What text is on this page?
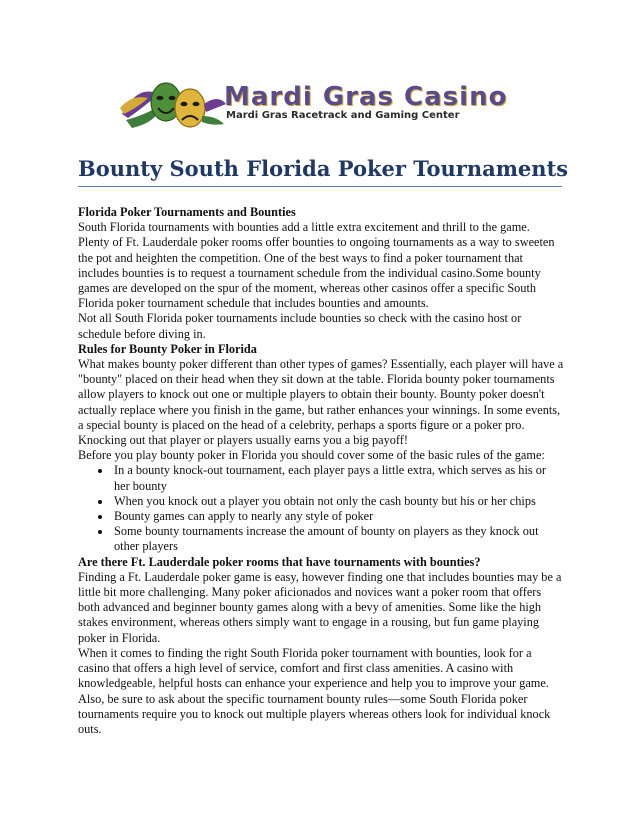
Mardi Gras Casino
Mardi Gras Racetrack and Gaming Center
Bounty South Florida Poker Tournaments

Florida Poker Tournaments and Bounties

South Florida tournaments with bounties add a little extra excitement and thrill to the game. Plenty of Ft. Lauderdale poker rooms offer bounties to ongoing tournaments as a way to sweeten the pot and heighten the competition. One of the best ways to find a poker tournament that includes bounties is to request a tournament schedule from the individual casino.Some bounty games are developed on the spur of the moment, whereas other casinos offer a specific South Florida poker tournament schedule that includes bounties and amounts.

Not all South Florida poker tournaments include bounties so check with the casino host or schedule before diving in.

Rules for Bounty Poker in Florida

What makes bounty poker different than other types of games? Essentially, each player will have a "bounty" placed on their head when they sit down at the table. Florida bounty poker tournaments allow players to knock out one or multiple players to obtain their bounty. Bounty poker doesn't actually replace where you finish in the game, but rather enhances your winnings. In some events, a special bounty is placed on the head of a celebrity, perhaps a sports figure or a poker pro. Knocking out that player or players usually earns you a big payoff!

Before you play bounty poker in Florida you should cover some of the basic rules of the game:

• In a bounty knock-out tournament, each player pays a little extra, which serves as his or her bounty
• When you knock out a player you obtain not only the cash bounty but his or her chips
• Bounty games can apply to nearly any style of poker
• Some bounty tournaments increase the amount of bounty on players as they knock out other players

Are there Ft. Lauderdale poker rooms that have tournaments with bounties?

Finding a Ft. Lauderdale poker game is easy, however finding one that includes bounties may be a little bit more challenging. Many poker aficionados and novices want a poker room that offers both advanced and beginner bounty games along with a bevy of amenities. Some like the high stakes environment, whereas others simply want to engage in a rousing, but fun game playing poker in Florida.

When it comes to finding the right South Florida poker tournament with bounties, look for a casino that offers a high level of service, comfort and first class amenities. A casino with knowledgeable, helpful hosts can enhance your experience and help you to improve your game. Also, be sure to ask about the specific tournament bounty rules—some South Florida poker tournaments require you to knock out multiple players whereas others look for individual knock outs.
